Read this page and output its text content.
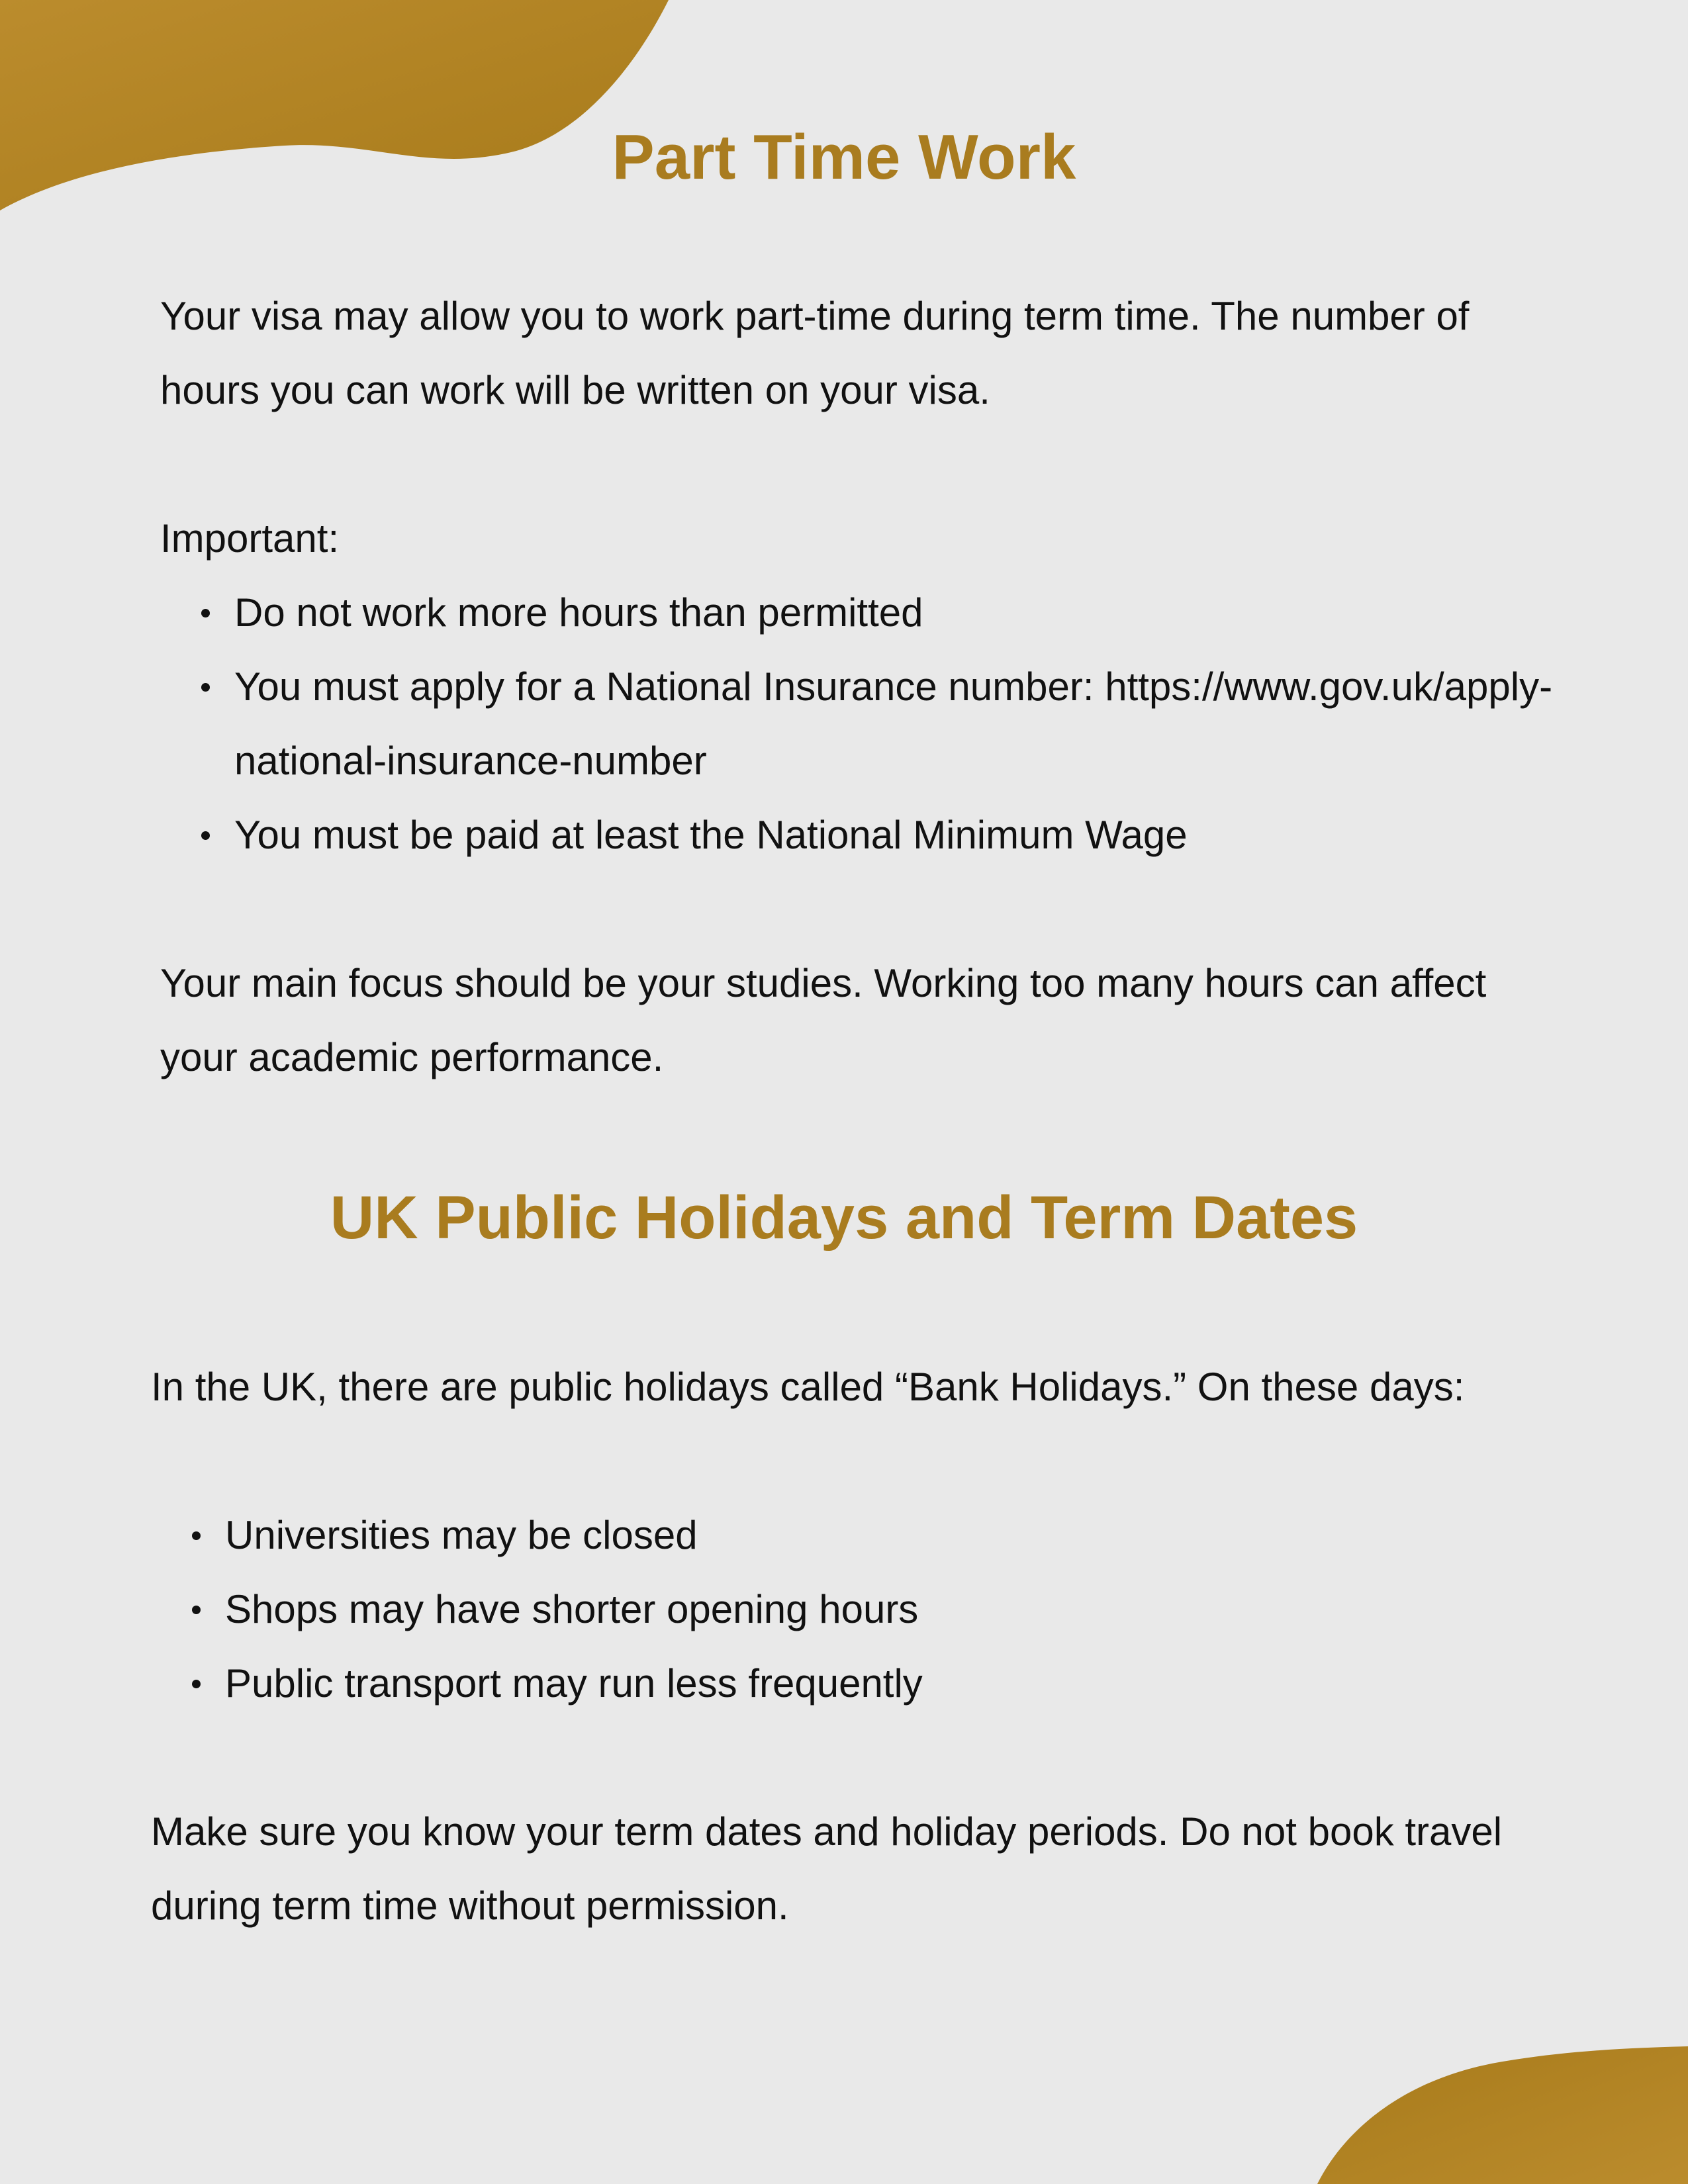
Part Time Work

Your visa may allow you to work part-time during term time. The number of hours you can work will be written on your visa.

Important:

Do not work more hours than permitted
You must apply for a National Insurance number: https://www.gov.uk/apply-national-insurance-number
You must be paid at least the National Minimum Wage

Your main focus should be your studies. Working too many hours can affect your academic performance.

UK Public Holidays and Term Dates

In the UK, there are public holidays called “Bank Holidays.” On these days:

Universities may be closed
Shops may have shorter opening hours
Public transport may run less frequently

Make sure you know your term dates and holiday periods. Do not book travel during term time without permission.
